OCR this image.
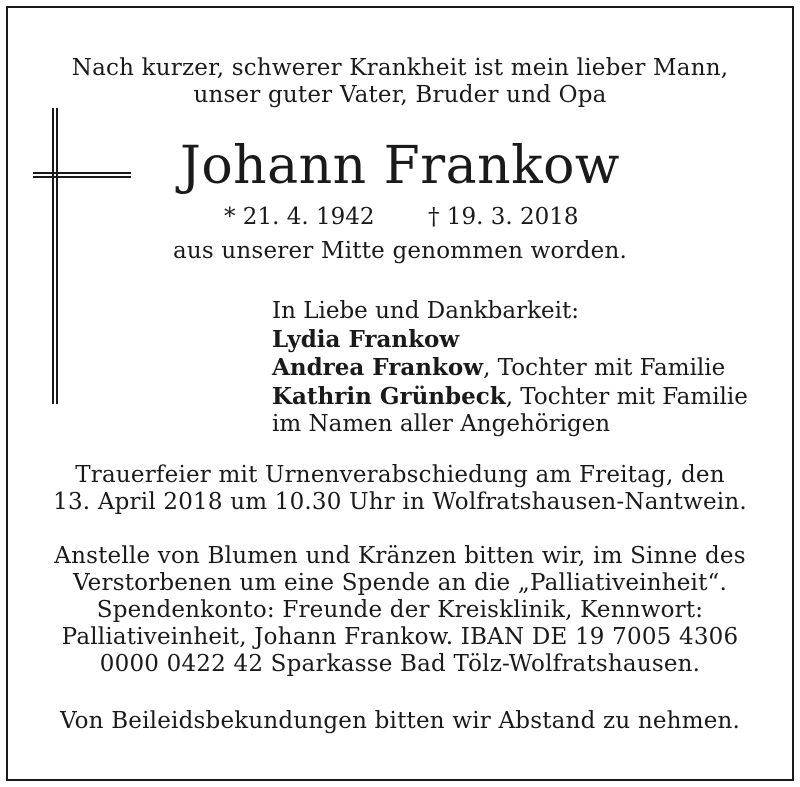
Nach kurzer, schwerer Krankheit ist mein lieber Mann,
unser guter Vater, Bruder und Opa
Johann Frankow
* 21. 4. 1942 † 19. 3. 2018
aus unserer Mitte genommen worden.
In Liebe und Dankbarkeit:
Lydia Frankow
Andrea Frankow, Tochter mit Familie
Kathrin Grünbeck, Tochter mit Familie
im Namen aller Angehörigen
Trauerfeier mit Urnenverabschiedung am Freitag, den
13. April 2018 um 10.30 Uhr in Wolfratshausen-Nantwein.
Anstelle von Blumen und Kränzen bitten wir, im Sinne des
Verstorbenen um eine Spende an die „Palliativeinheit“.
Spendenkonto: Freunde der Kreisklinik, Kennwort:
Palliativeinheit, Johann Frankow. IBAN DE 19 7005 4306
0000 0422 42 Sparkasse Bad Tölz-Wolfratshausen.
Von Beileidsbekundungen bitten wir Abstand zu nehmen.
